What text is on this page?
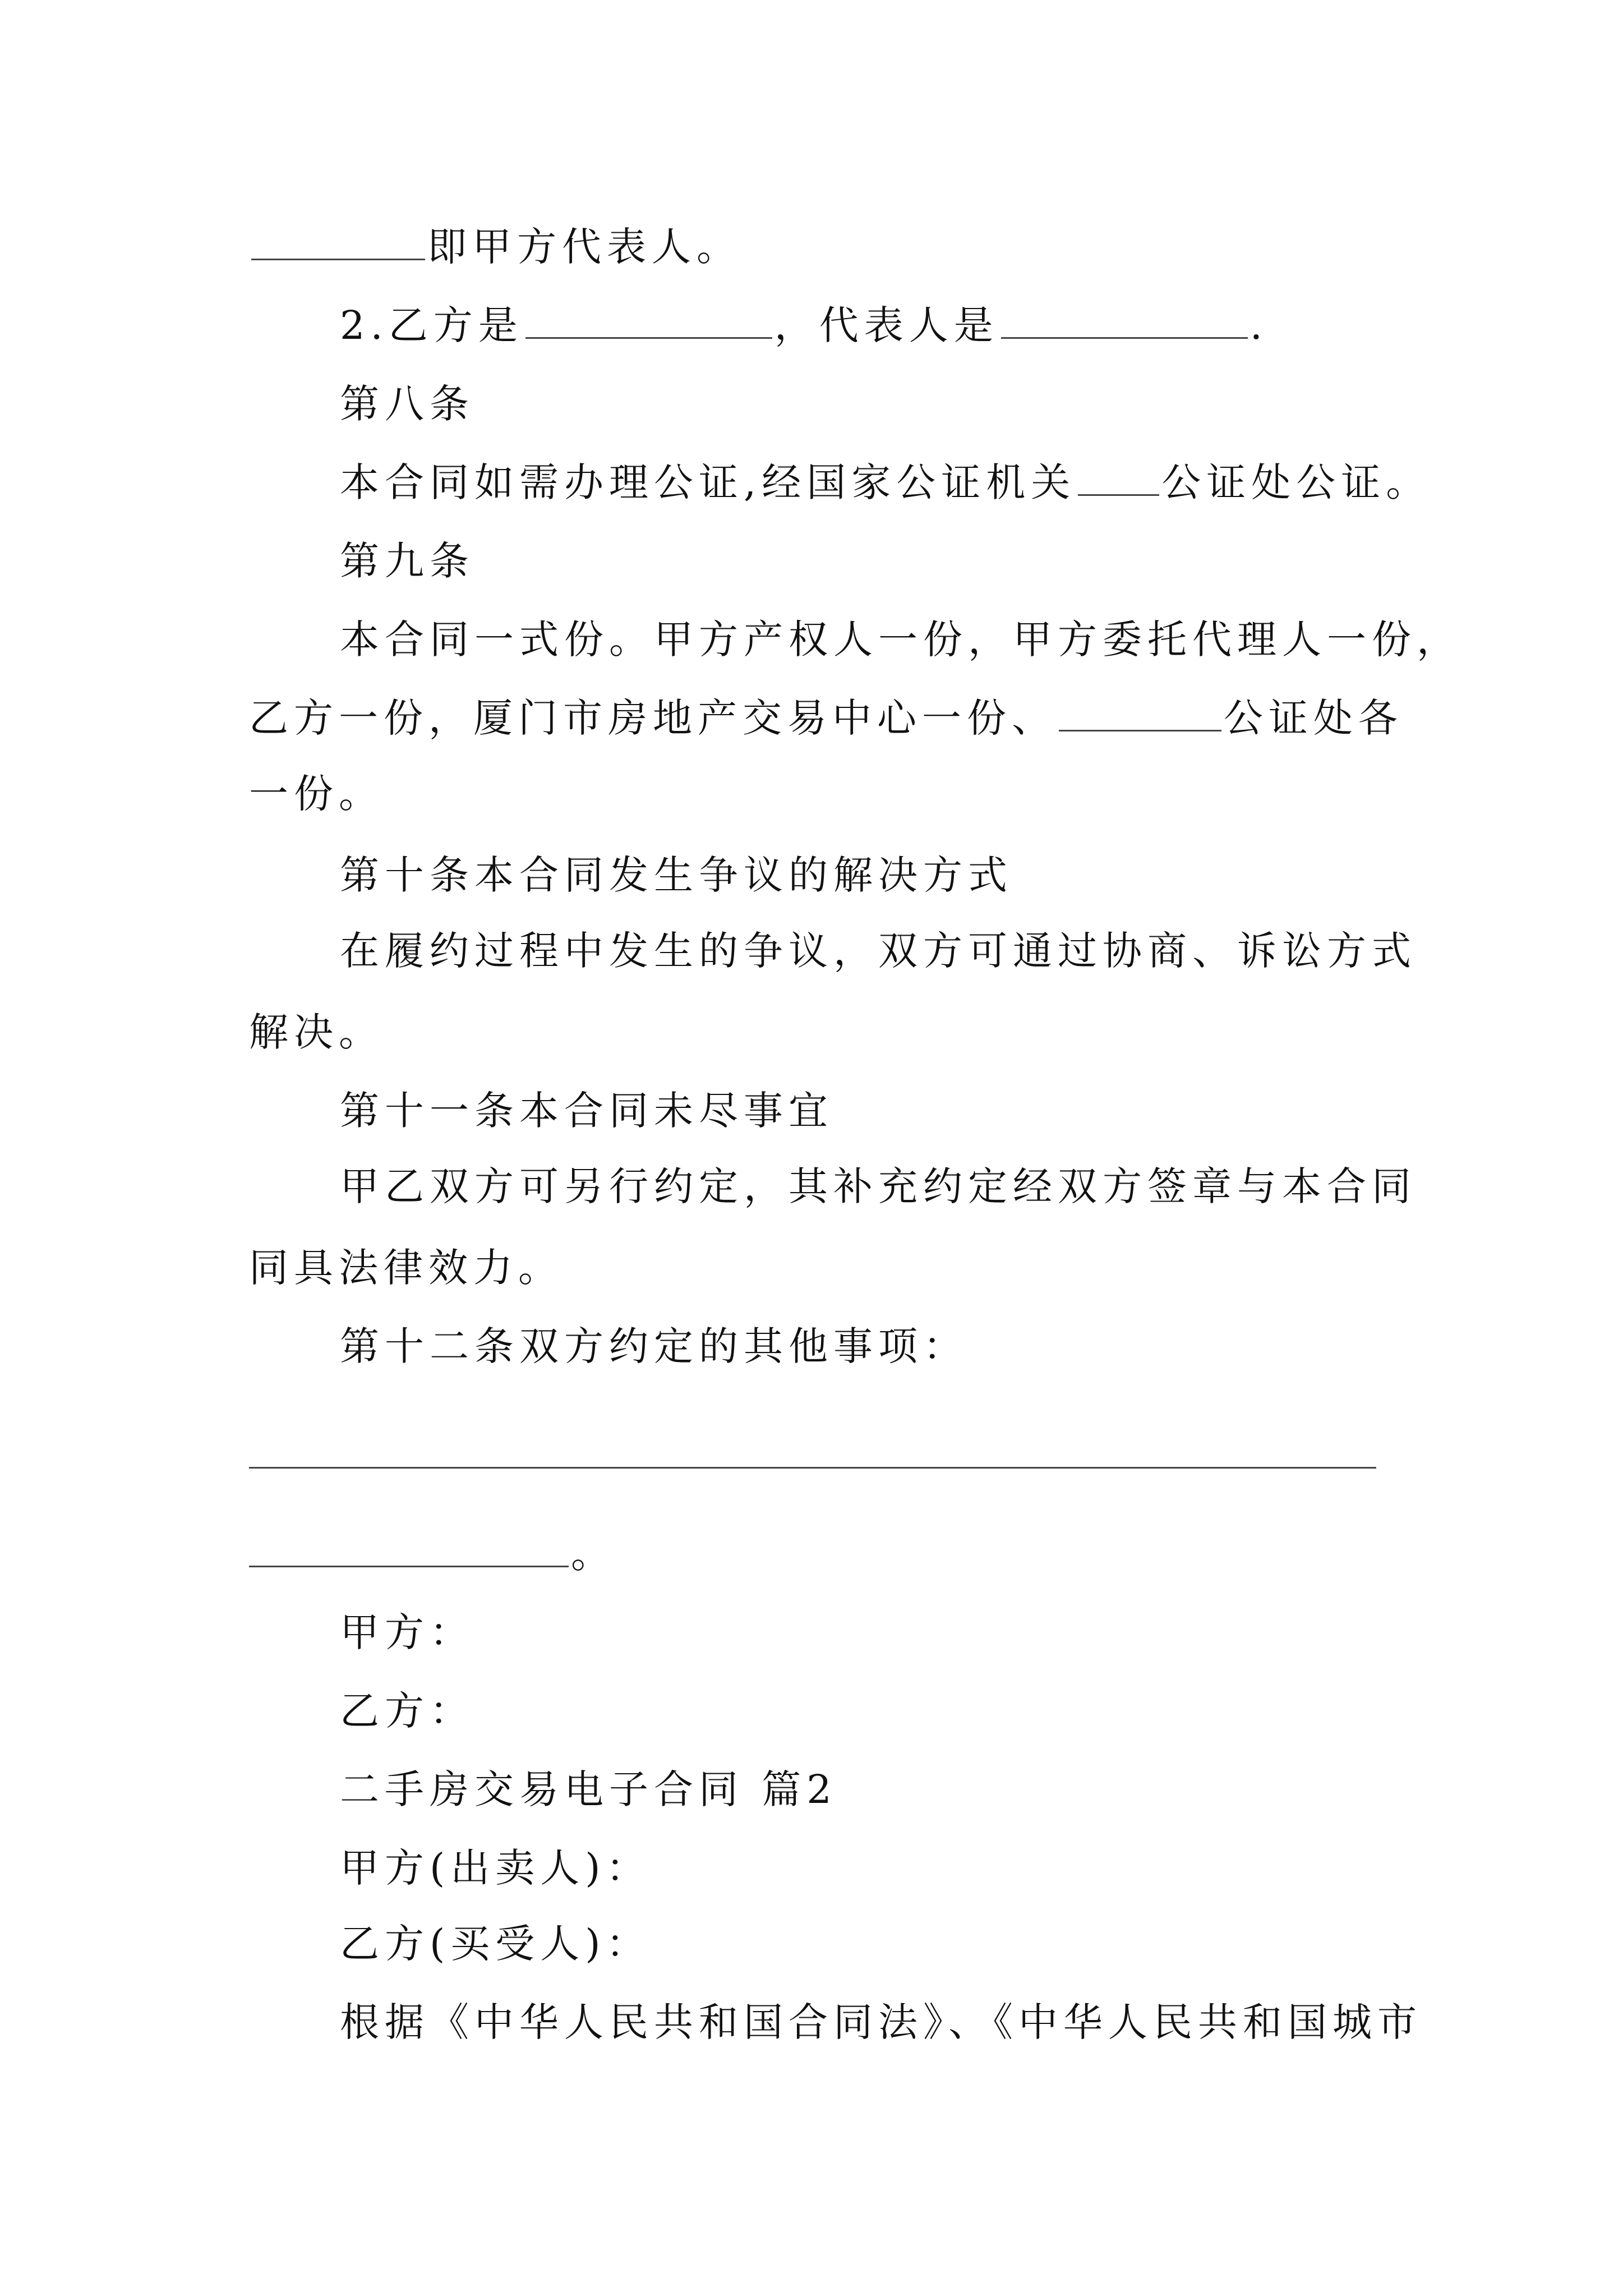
即甲方代表人。
2.乙方是	，代表人是	.
第八条
本合同如需办理公证,经国家公证机关 公证处公证。
第九条
本合同一式份。甲方产权人一份，甲方委托代理人一份，
乙方一份，厦门市房地产交易中心一份、	公证处各
一份。
第十条本合同发生争议的解决方式
在履约过程中发生的争议，双方可通过协商、诉讼方式
解决。
第十一条本合同未尽事宜
甲乙双方可另行约定，其补充约定经双方签章与本合同
同具法律效力。
第十二条双方约定的其他事项：
。
甲方：
乙方：
二手房交易电子合同 篇2
甲方(出卖人)：
乙方(买受人)：
根据《中华人民共和国合同法》、《中华人民共和国城市
